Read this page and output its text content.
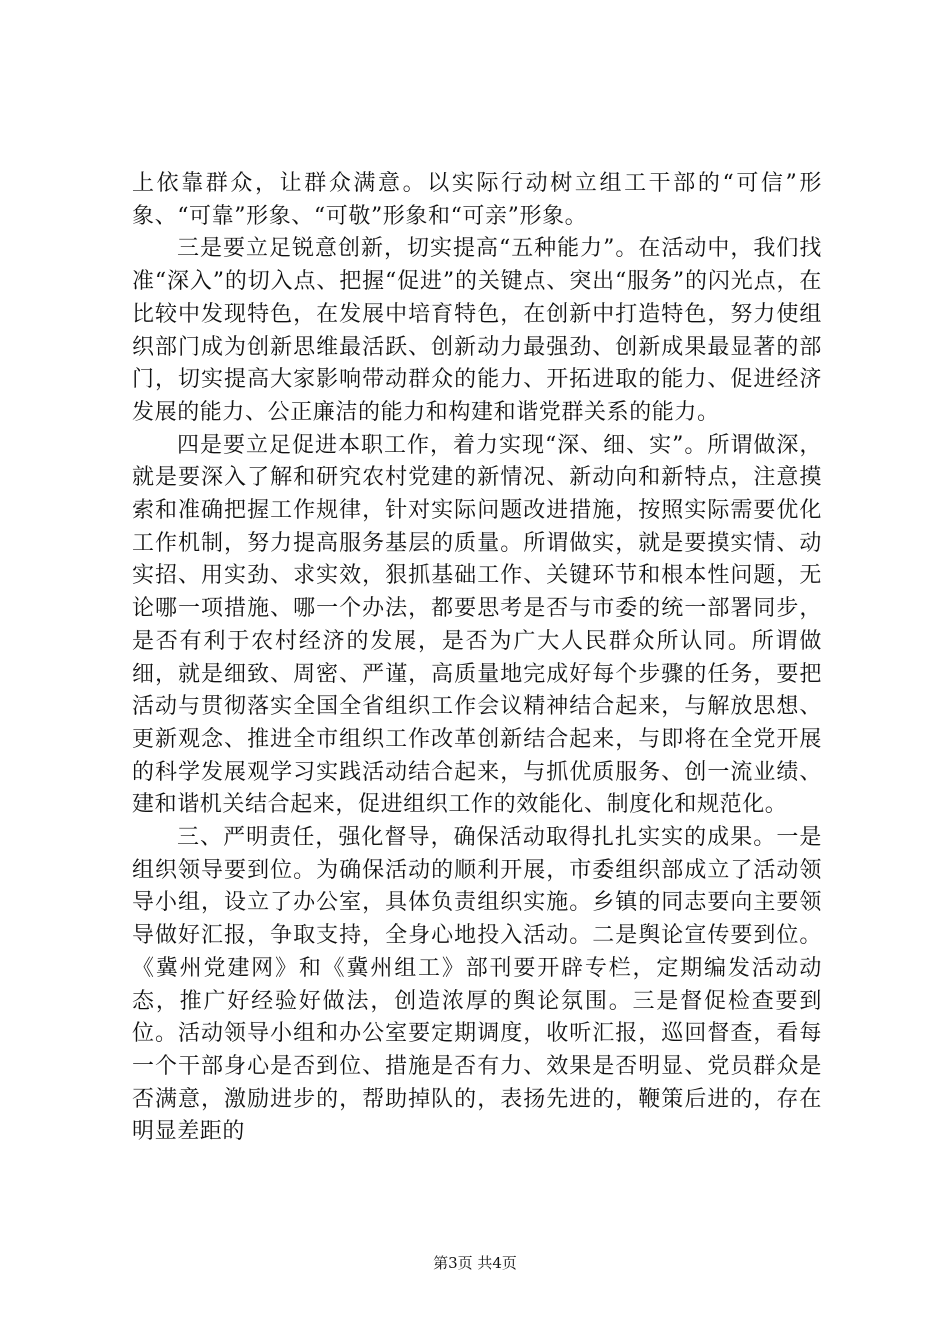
上依靠群众，让群众满意。以实际行动树立组工干部的“可信”形象、“可靠”形象、“可敬”形象和“可亲”形象。

三是要立足锐意创新，切实提高“五种能力”。在活动中，我们找准“深入”的切入点、把握“促进”的关键点、突出“服务”的闪光点，在比较中发现特色，在发展中培育特色，在创新中打造特色，努力使组织部门成为创新思维最活跃、创新动力最强劲、创新成果最显著的部门，切实提高大家影响带动群众的能力、开拓进取的能力、促进经济发展的能力、公正廉洁的能力和构建和谐党群关系的能力。

四是要立足促进本职工作，着力实现“深、细、实”。所谓做深，就是要深入了解和研究农村党建的新情况、新动向和新特点，注意摸索和准确把握工作规律，针对实际问题改进措施，按照实际需要优化工作机制，努力提高服务基层的质量。所谓做实，就是要摸实情、动实招、用实劲、求实效，狠抓基础工作、关键环节和根本性问题，无论哪一项措施、哪一个办法，都要思考是否与市委的统一部署同步，是否有利于农村经济的发展，是否为广大人民群众所认同。所谓做细，就是细致、周密、严谨，高质量地完成好每个步骤的任务，要把活动与贯彻落实全国全省组织工作会议精神结合起来，与解放思想、更新观念、推进全市组织工作改革创新结合起来，与即将在全党开展的科学发展观学习实践活动结合起来，与抓优质服务、创一流业绩、建和谐机关结合起来，促进组织工作的效能化、制度化和规范化。

三、严明责任，强化督导，确保活动取得扎扎实实的成果。一是组织领导要到位。为确保活动的顺利开展，市委组织部成立了活动领导小组，设立了办公室，具体负责组织实施。乡镇的同志要向主要领导做好汇报，争取支持，全身心地投入活动。二是舆论宣传要到位。《冀州党建网》和《冀州组工》部刊要开辟专栏，定期编发活动动态，推广好经验好做法，创造浓厚的舆论氛围。三是督促检查要到位。活动领导小组和办公室要定期调度，收听汇报，巡回督查，看每一个干部身心是否到位、措施是否有力、效果是否明显、党员群众是否满意，激励进步的，帮助掉队的，表扬先进的，鞭策后进的，存在明显差距的

第3页 共4页
